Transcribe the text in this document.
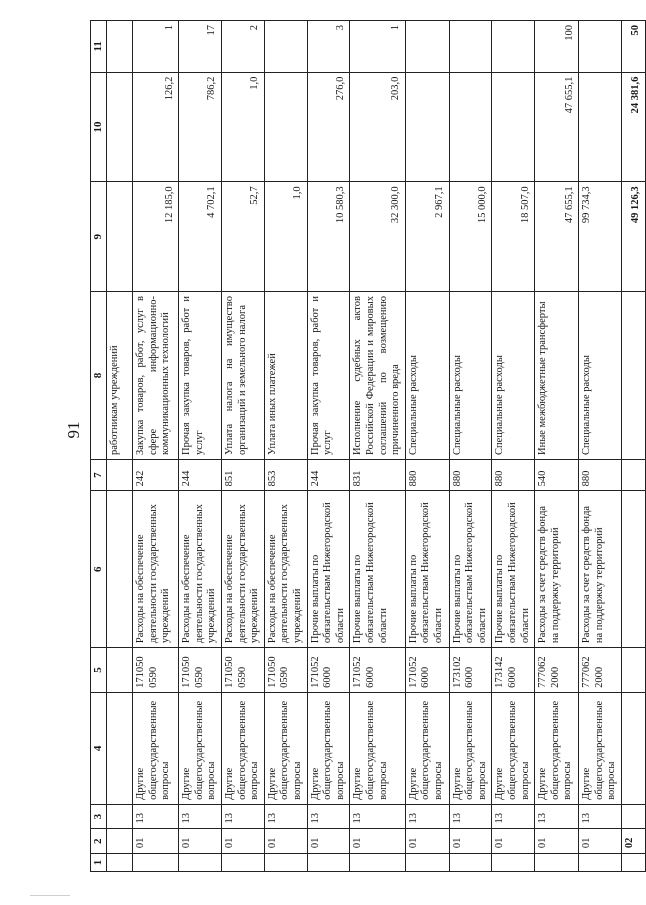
91
1	2	3	4	5	6	7	8	9	10	11
							работникам учреждений			
	01	13	Другие общегосударственные вопросы	171050 0590	Расходы на обеспечение деятельности государственных учреждений	242	Закупка товаров, работ, услуг в сфере информационно-коммуникационных технологий	12 185,0	126,2	1
	01	13	Другие общегосударственные вопросы	171050 0590	Расходы на обеспечение деятельности государственных учреждений	244	Прочая закупка товаров, работ и услуг	4 702,1	786,2	17
	01	13	Другие общегосударственные вопросы	171050 0590	Расходы на обеспечение деятельности государственных учреждений	851	Уплата налога на имущество организаций и земельного налога	52,7	1,0	2
	01	13	Другие общегосударственные вопросы	171050 0590	Расходы на обеспечение деятельности государственных учреждений	853	Уплата иных платежей	1,0		
	01	13	Другие общегосударственные вопросы	171052 6000	Прочие выплаты по обязательствам Нижегородской области	244	Прочая закупка товаров, работ и услуг	10 580,3	276,0	3
	01	13	Другие общегосударственные вопросы	171052 6000	Прочие выплаты по обязательствам Нижегородской области	831	Исполнение судебных актов Российской Федерации и мировых соглашений по возмещению причиненного вреда	32 300,0	203,0	1
	01	13	Другие общегосударственные вопросы	171052 6000	Прочие выплаты по обязательствам Нижегородской области	880	Специальные расходы	2 967,1		
	01	13	Другие общегосударственные вопросы	173102 6000	Прочие выплаты по обязательствам Нижегородской области	880	Специальные расходы	15 000,0		
	01	13	Другие общегосударственные вопросы	173142 6000	Прочие выплаты по обязательствам Нижегородской области	880	Специальные расходы	18 507,0		
	01	13	Другие общегосударственные вопросы	777062 2000	Расходы за счет средств фонда на поддержку территорий	540	Иные межбюджетные трансферты	47 655,1	47 655,1	100
	01	13	Другие общегосударственные вопросы	777062 2000	Расходы за счет средств фонда на поддержку территорий	880	Специальные расходы	99 734,3		
	02							49 126,3	24 381,6	50
